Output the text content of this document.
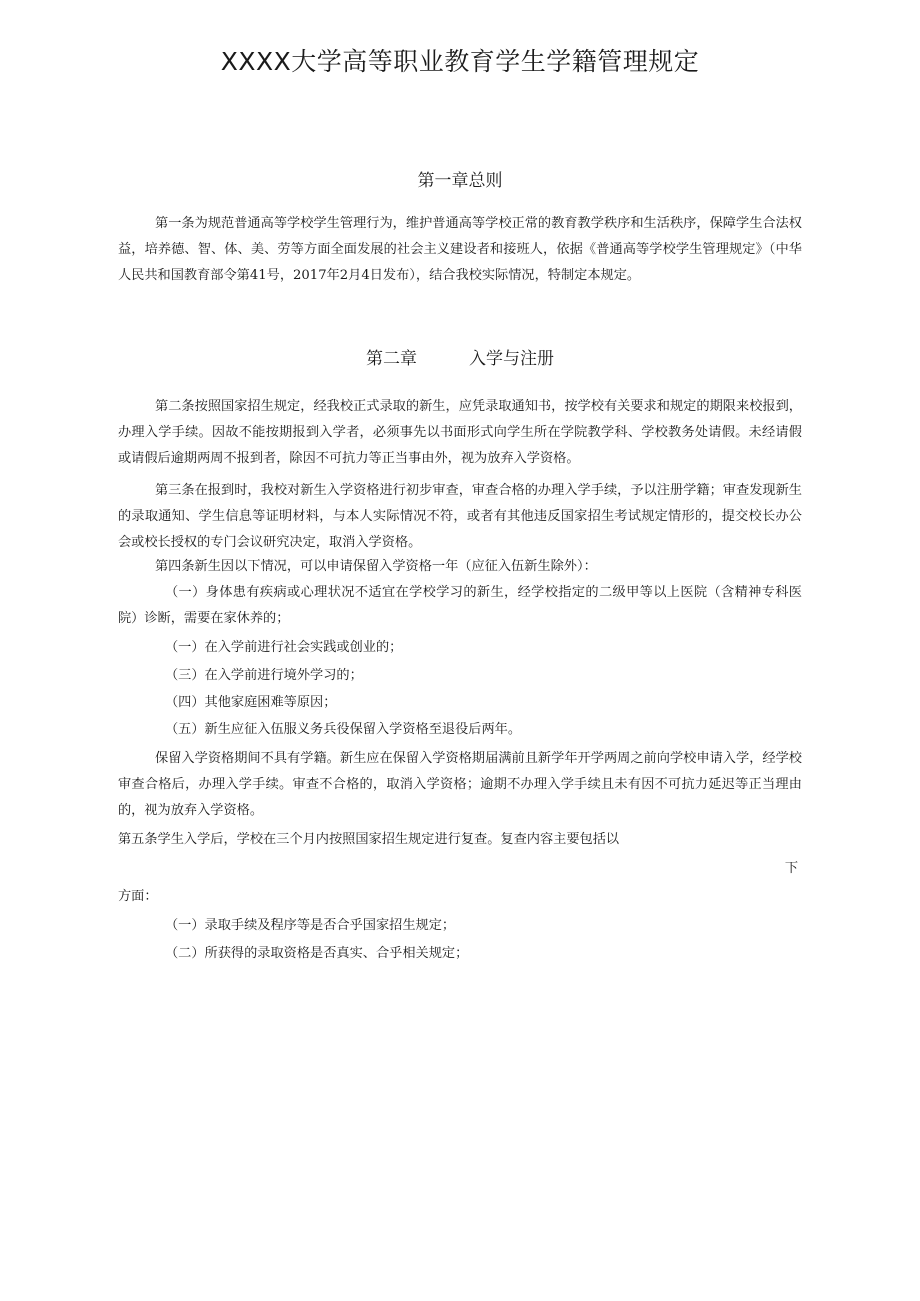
XXXX大学高等职业教育学生学籍管理规定
第一章总则

第一条为规范普通高等学校学生管理行为，维护普通高等学校正常的教育教学秩序和生活秩序，保障学生合法权益，培养德、智、体、美、劳等方面全面发展的社会主义建设者和接班人，依据《普通高等学校学生管理规定》（中华人民共和国教育部令第41号，2017年2月4日发布），结合我校实际情况，特制定本规定。

第二章	入学与注册

第二条按照国家招生规定，经我校正式录取的新生，应凭录取通知书，按学校有关要求和规定的期限来校报到，办理入学手续。因故不能按期报到入学者，必须事先以书面形式向学生所在学院教学科、学校教务处请假。未经请假或请假后逾期两周不报到者，除因不可抗力等正当事由外，视为放弃入学资格。

第三条在报到时，我校对新生入学资格进行初步审查，审查合格的办理入学手续，予以注册学籍；审查发现新生的录取通知、学生信息等证明材料，与本人实际情况不符，或者有其他违反国家招生考试规定情形的，提交校长办公会或校长授权的专门会议研究决定，取消入学资格。

第四条新生因以下情况，可以申请保留入学资格一年（应征入伍新生除外）：

（一）身体患有疾病或心理状况不适宜在学校学习的新生，经学校指定的二级甲等以上医院（含精神专科医院）诊断，需要在家休养的；

（一）在入学前进行社会实践或创业的；

（三）在入学前进行境外学习的；

（四）其他家庭困难等原因；

（五）新生应征入伍服义务兵役保留入学资格至退役后两年。

保留入学资格期间不具有学籍。新生应在保留入学资格期届满前且新学年开学两周之前向学校申请入学，经学校审查合格后，办理入学手续。审查不合格的，取消入学资格；逾期不办理入学手续且未有因不可抗力延迟等正当理由的，视为放弃入学资格。

第五条学生入学后，学校在三个月内按照国家招生规定进行复查。复查内容主要包括以

下

方面：

（一）录取手续及程序等是否合乎国家招生规定；

（二）所获得的录取资格是否真实、合乎相关规定；
